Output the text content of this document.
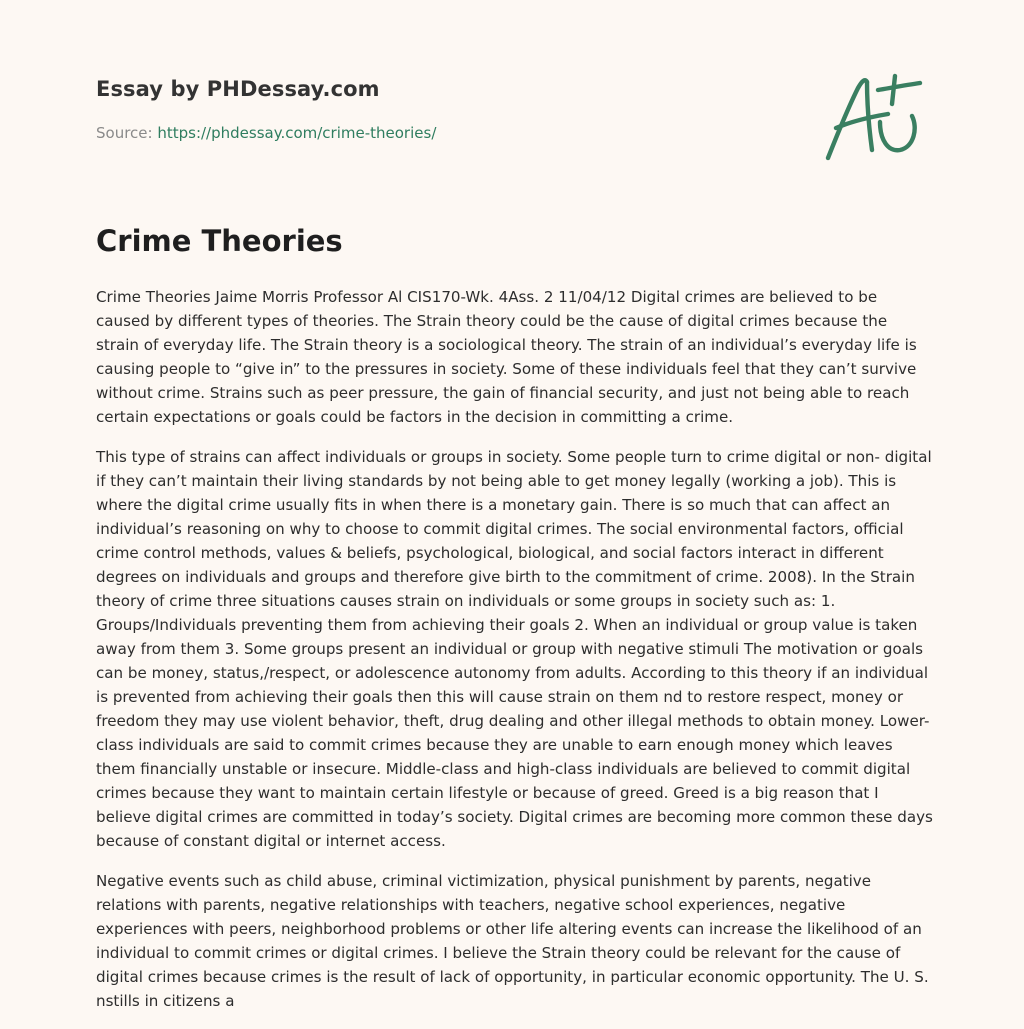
Essay by PHDessay.com
Source: https://phdessay.com/crime-theories/
Crime Theories

Crime Theories Jaime Morris Professor Al CIS170-Wk. 4Ass. 2 11/04/12 Digital crimes are believed to be caused by different types of theories. The Strain theory could be the cause of digital crimes because the strain of everyday life. The Strain theory is a sociological theory. The strain of an individual’s everyday life is causing people to “give in” to the pressures in society. Some of these individuals feel that they can’t survive without crime. Strains such as peer pressure, the gain of financial security, and just not being able to reach certain expectations or goals could be factors in the decision in committing a crime.

This type of strains can affect individuals or groups in society. Some people turn to crime digital or non- digital if they can’t maintain their living standards by not being able to get money legally (working a job). This is where the digital crime usually fits in when there is a monetary gain. There is so much that can affect an individual’s reasoning on why to choose to commit digital crimes. The social environmental factors, official crime control methods, values & beliefs, psychological, biological, and social factors interact in different degrees on individuals and groups and therefore give birth to the commitment of crime. 2008). In the Strain theory of crime three situations causes strain on individuals or some groups in society such as: 1. Groups/Individuals preventing them from achieving their goals 2. When an individual or group value is taken away from them 3. Some groups present an individual or group with negative stimuli The motivation or goals can be money, status,/respect, or adolescence autonomy from adults. According to this theory if an individual is prevented from achieving their goals then this will cause strain on them nd to restore respect, money or freedom they may use violent behavior, theft, drug dealing and other illegal methods to obtain money. Lower-class individuals are said to commit crimes because they are unable to earn enough money which leaves them financially unstable or insecure. Middle-class and high-class individuals are believed to commit digital crimes because they want to maintain certain lifestyle or because of greed. Greed is a big reason that I believe digital crimes are committed in today’s society. Digital crimes are becoming more common these days because of constant digital or internet access.

Negative events such as child abuse, criminal victimization, physical punishment by parents, negative relations with parents, negative relationships with teachers, negative school experiences, negative experiences with peers, neighborhood problems or other life altering events can increase the likelihood of an individual to commit crimes or digital crimes. I believe the Strain theory could be relevant for the cause of digital crimes because crimes is the result of lack of opportunity, in particular economic opportunity. The U. S. nstills in citizens a
